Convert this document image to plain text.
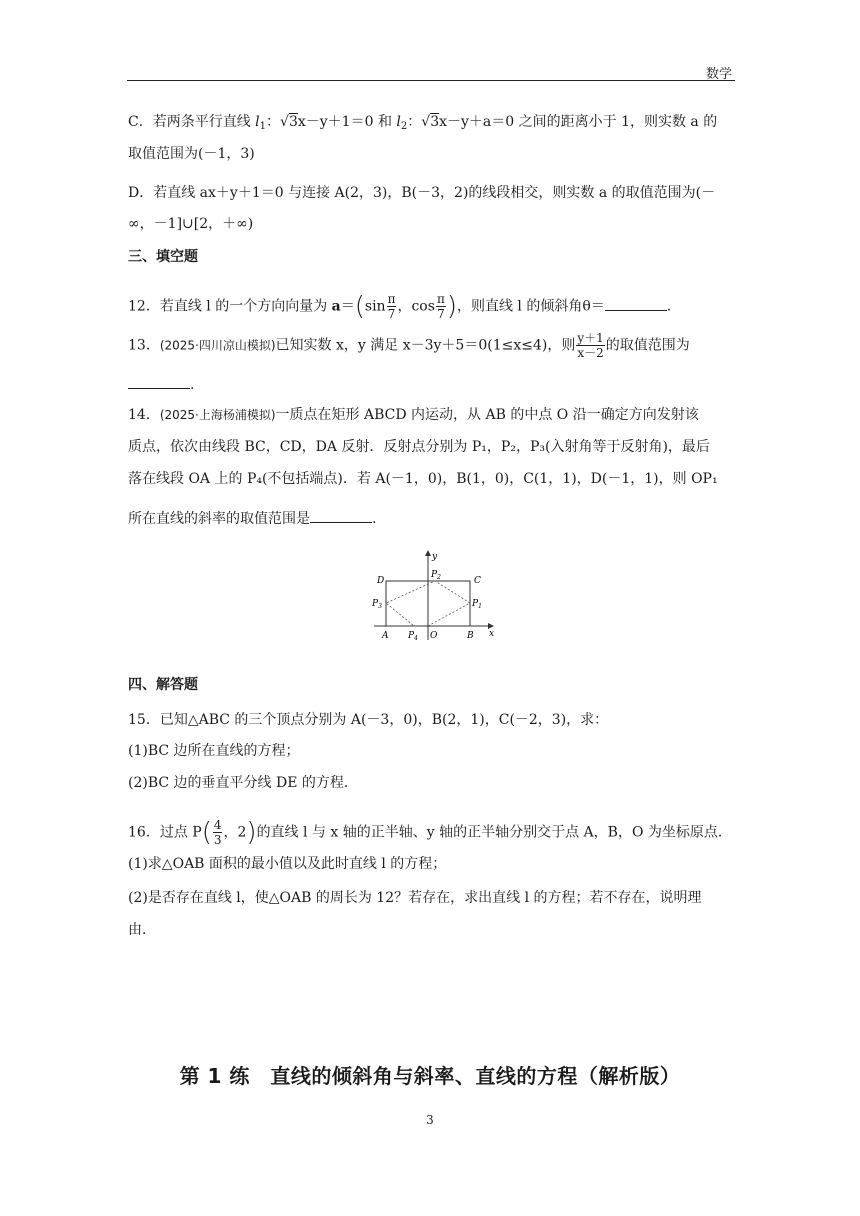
数学
C．若两条平行直线 $l_1$：√3x－y＋1＝0 和 $l_2$：√3x－y＋a＝0 之间的距离小于 1，则实数 a 的
取值范围为(－1，3)
D．若直线 ax＋y＋1＝0 与连接 A(2，3)，B(－3，2)的线段相交，则实数 a 的取值范围为(－
∞，－1]∪[2，＋∞)
三、填空题
12．若直线 l 的一个方向向量为 $a=(\sin \frac{\pi}{7}$ ，$\cos \frac{\pi}{7}$ )，则直线 l 的倾斜角θ＝	.
13．(2025·四川凉山模拟)已知实数 x，y 满足 x－3y＋5＝0(1≤x≤4)，则 $\frac{y+1}{x-2}$ 的取值范围为
.
14．(2025·上海杨浦模拟)一质点在矩形 ABCD 内运动，从 AB 的中点 O 沿一确定方向发射该
质点，依次由线段 BC，CD，DA 反射．反射点分别为 P₁，P₂，P₃(入射角等于反射角)，最后
落在线段 OA 上的 P₄(不包括端点)．若 A(－1，0)，B(1，0)，C(1，1)，D(－1，1)，则 OP₁
所在直线的斜率的取值范围是	.
y
x
D	C
A	B
O
$P_1$
$P_2$
$P_3$
$P_4$
四、解答题
15．已知△ABC 的三个顶点分别为 A(－3，0)，B(2，1)，C(－2，3)，求：
(1)BC 边所在直线的方程；
(2)BC 边的垂直平分线 DE 的方程．
16．过点 $P( \frac{4}{3}$ ，2)的直线 l 与 x 轴的正半轴、y 轴的正半轴分别交于点 A，B，O 为坐标原点．
(1)求△OAB 面积的最小值以及此时直线 l 的方程；
(2)是否存在直线 l，使△OAB 的周长为 12？若存在，求出直线 l 的方程；若不存在，说明理
由．
第 1 练　直线的倾斜角与斜率、直线的方程（解析版）
3
